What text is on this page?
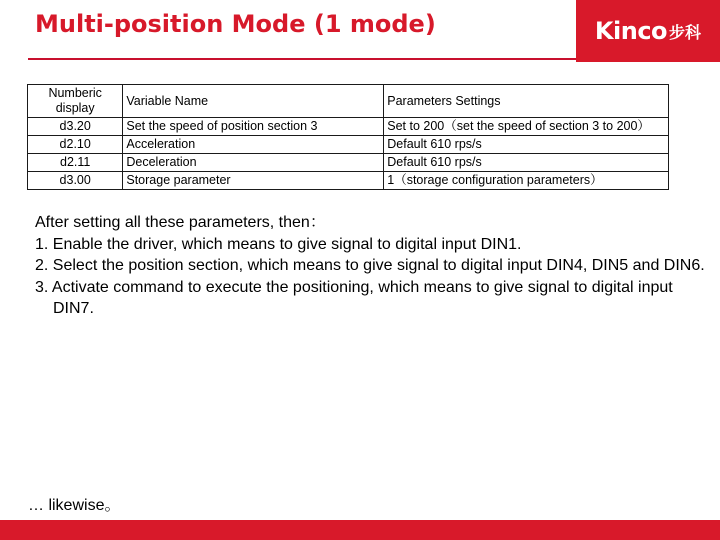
Multi-position Mode (1 mode)	Kinco 步科
Numberic display	Variable Name	Parameters Settings
d3.20	Set the speed of position section 3	Set to 200（set the speed of section 3 to 200）
d2.10	Acceleration	Default 610 rps/s
d2.11	Deceleration	Default 610 rps/s
d3.00	Storage parameter	1（storage configuration parameters）

After setting all these parameters, then：

1. Enable the driver, which means to give signal to digital input DIN1.

2. Select the position section, which means to give signal to digital input DIN4, DIN5 and DIN6.

3. Activate command to execute the positioning, which means to give signal to digital input DIN7.

… likewise。
